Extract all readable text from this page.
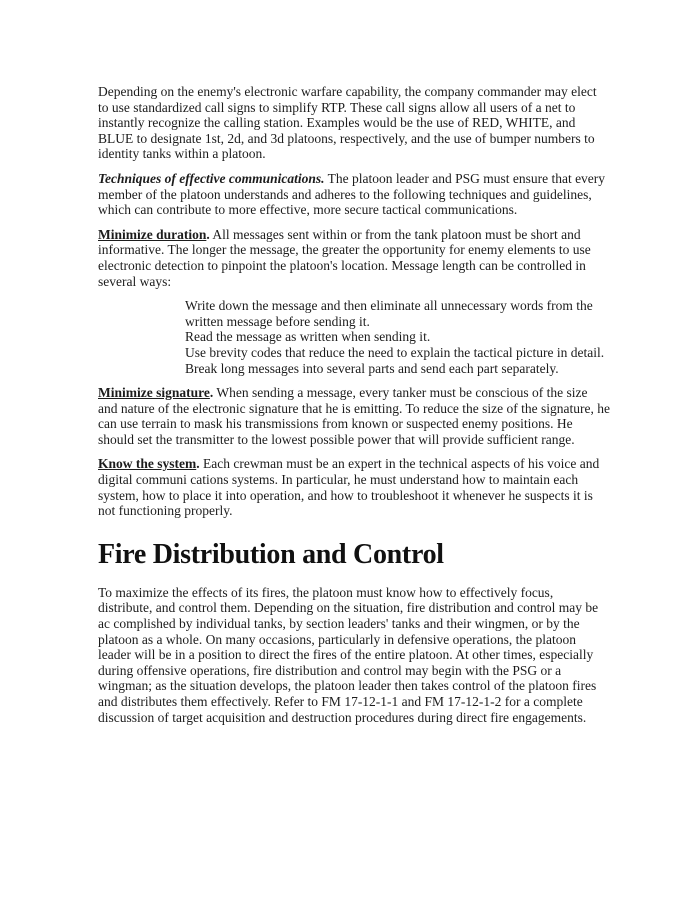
Depending on the enemy's electronic warfare capability, the company commander may elect to use standardized call signs to simplify RTP. These call signs allow all users of a net to instantly recognize the calling station. Examples would be the use of RED, WHITE, and BLUE to designate 1st, 2d, and 3d platoons, respectively, and the use of bumper numbers to identity tanks within a platoon.

Techniques of effective communications. The platoon leader and PSG must ensure that every member of the platoon understands and adheres to the following techniques and guidelines, which can contribute to more effective, more secure tactical communications.

Minimize duration. All messages sent within or from the tank platoon must be short and informative. The longer the message, the greater the opportunity for enemy elements to use electronic detection to pinpoint the platoon's location. Message length can be controlled in several ways:

Write down the message and then eliminate all unnecessary words from the written message before sending it.

Read the message as written when sending it.

Use brevity codes that reduce the need to explain the tactical picture in detail.

Break long messages into several parts and send each part separately.

Minimize signature. When sending a message, every tanker must be conscious of the size and nature of the electronic signature that he is emitting. To reduce the size of the signature, he can use terrain to mask his transmissions from known or suspected enemy positions. He should set the transmitter to the lowest possible power that will provide sufficient range.

Know the system. Each crewman must be an expert in the technical aspects of his voice and digital communi cations systems. In particular, he must understand how to maintain each system, how to place it into operation, and how to troubleshoot it whenever he suspects it is not functioning properly.

Fire Distribution and Control

To maximize the effects of its fires, the platoon must know how to effectively focus, distribute, and control them. Depending on the situation, fire distribution and control may be ac complished by individual tanks, by section leaders' tanks and their wingmen, or by the platoon as a whole. On many occasions, particularly in defensive operations, the platoon leader will be in a position to direct the fires of the entire platoon. At other times, especially during offensive operations, fire distribution and control may begin with the PSG or a wingman; as the situation develops, the platoon leader then takes control of the platoon fires and distributes them effectively. Refer to FM 17-12-1-1 and FM 17-12-1-2 for a complete discussion of target acquisition and destruction procedures during direct fire engagements.
